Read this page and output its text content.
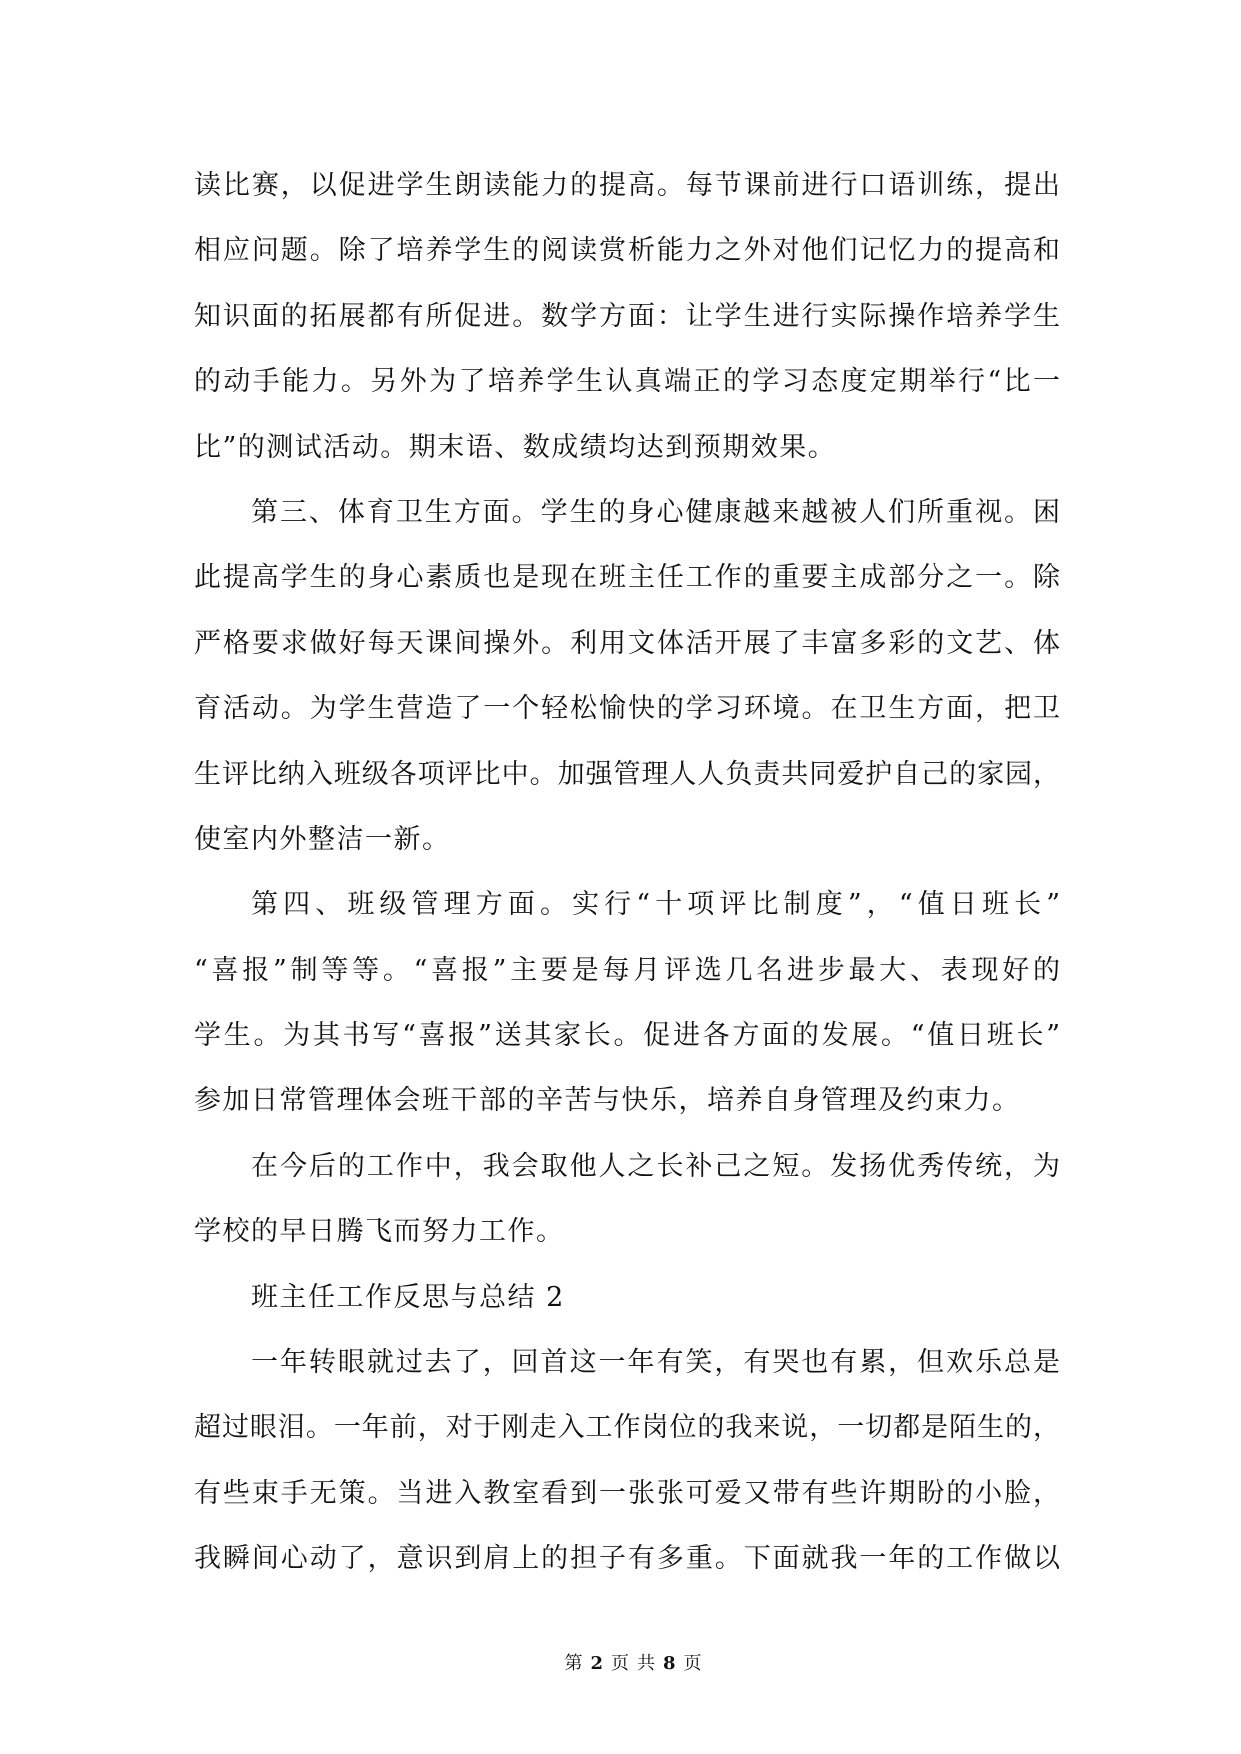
读比赛，以促进学生朗读能力的提高。每节课前进行口语训练，提出
相应问题。除了培养学生的阅读赏析能力之外对他们记忆力的提高和
知识面的拓展都有所促进。数学方面：让学生进行实际操作培养学生
的动手能力。另外为了培养学生认真端正的学习态度定期举行“比一
比”的测试活动。期末语、数成绩均达到预期效果。
第三、体育卫生方面。学生的身心健康越来越被人们所重视。困
此提高学生的身心素质也是现在班主任工作的重要主成部分之一。除
严格要求做好每天课间操外。利用文体活开展了丰富多彩的文艺、体
育活动。为学生营造了一个轻松愉快的学习环境。在卫生方面，把卫
生评比纳入班级各项评比中。加强管理人人负责共同爱护自己的家园，
使室内外整洁一新。
第四、班级管理方面。实行“十项评比制度”，“值日班长”
“喜报”制等等。“喜报”主要是每月评选几名进步最大、表现好的
学生。为其书写“喜报”送其家长。促进各方面的发展。“值日班长”
参加日常管理体会班干部的辛苦与快乐，培养自身管理及约束力。
在今后的工作中，我会取他人之长补己之短。发扬优秀传统，为
学校的早日腾飞而努力工作。
班主任工作反思与总结 2
一年转眼就过去了，回首这一年有笑，有哭也有累，但欢乐总是
超过眼泪。一年前，对于刚走入工作岗位的我来说，一切都是陌生的，
有些束手无策。当进入教室看到一张张可爱又带有些许期盼的小脸，
我瞬间心动了，意识到肩上的担子有多重。下面就我一年的工作做以
第 2 页 共 8 页
